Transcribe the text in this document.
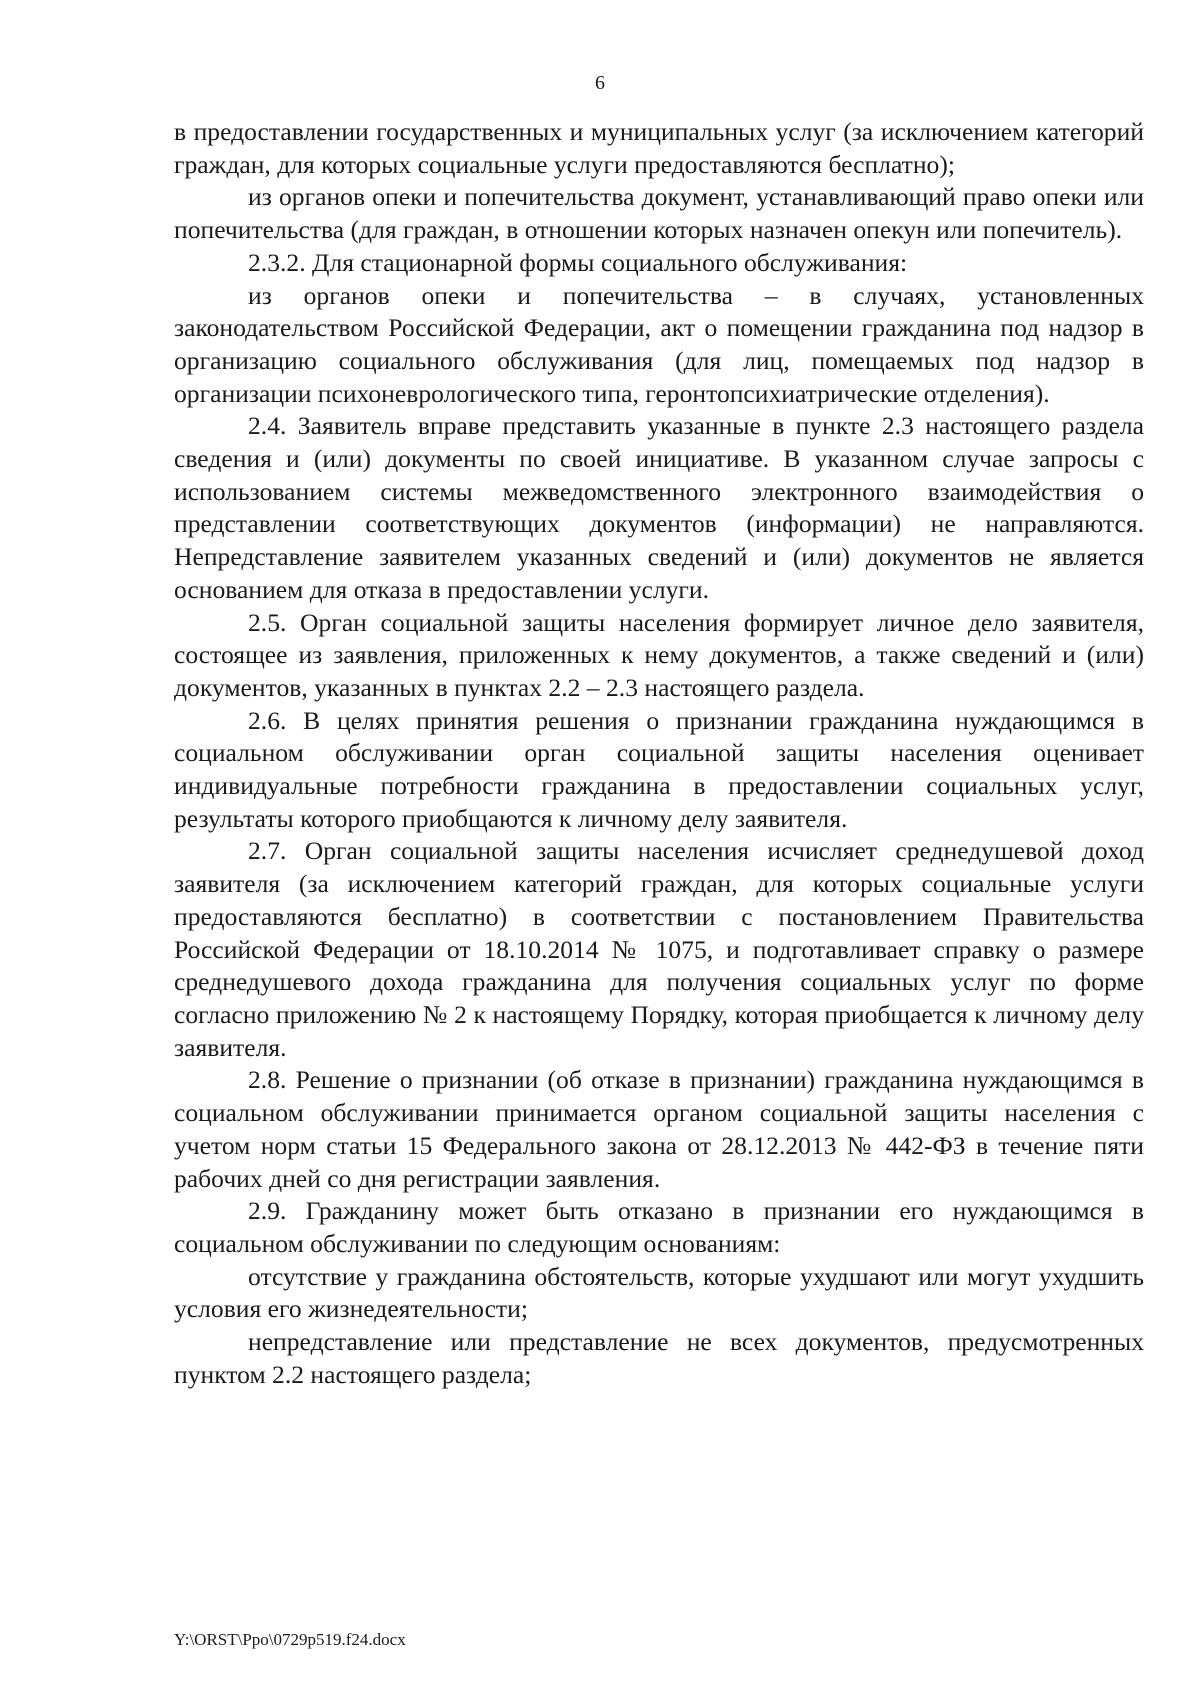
6

в предоставлении государственных и муниципальных услуг (за исключением категорий граждан, для которых социальные услуги предоставляются бесплатно);

из органов опеки и попечительства документ, устанавливающий право опеки или попечительства (для граждан, в отношении которых назначен опекун или попечитель).

2.3.2. Для стационарной формы социального обслуживания:

из органов опеки и попечительства – в случаях, установленных законодательством Российской Федерации, акт о помещении гражданина под надзор в организацию социального обслуживания (для лиц, помещаемых под надзор в организации психоневрологического типа, геронтопсихиатрические отделения).

2.4. Заявитель вправе представить указанные в пункте 2.3 настоящего раздела сведения и (или) документы по своей инициативе. В указанном случае запросы с использованием системы межведомственного электронного взаимодействия о представлении соответствующих документов (информации) не направляются. Непредставление заявителем указанных сведений и (или) документов не является основанием для отказа в предоставлении услуги.

2.5. Орган социальной защиты населения формирует личное дело заявителя, состоящее из заявления, приложенных к нему документов, а также сведений и (или) документов, указанных в пунктах 2.2 – 2.3 настоящего раздела.

2.6. В целях принятия решения о признании гражданина нуждающимся в социальном обслуживании орган социальной защиты населения оценивает индивидуальные потребности гражданина в предоставлении социальных услуг, результаты которого приобщаются к личному делу заявителя.

2.7. Орган социальной защиты населения исчисляет среднедушевой доход заявителя (за исключением категорий граждан, для которых социальные услуги предоставляются бесплатно) в соответствии с постановлением Правительства Российской Федерации от 18.10.2014 № 1075, и подготавливает справку о размере среднедушевого дохода гражданина для получения социальных услуг по форме согласно приложению № 2 к настоящему Порядку, которая приобщается к личному делу заявителя.

2.8. Решение о признании (об отказе в признании) гражданина нуждающимся в социальном обслуживании принимается органом социальной защиты населения с учетом норм статьи 15 Федерального закона от 28.12.2013 № 442-ФЗ в течение пяти рабочих дней со дня регистрации заявления.

2.9. Гражданину может быть отказано в признании его нуждающимся в социальном обслуживании по следующим основаниям:

отсутствие у гражданина обстоятельств, которые ухудшают или могут ухудшить условия его жизнедеятельности;

непредставление или представление не всех документов, предусмотренных пунктом 2.2 настоящего раздела;

Y:\ORST\Ppo\0729p519.f24.docx
